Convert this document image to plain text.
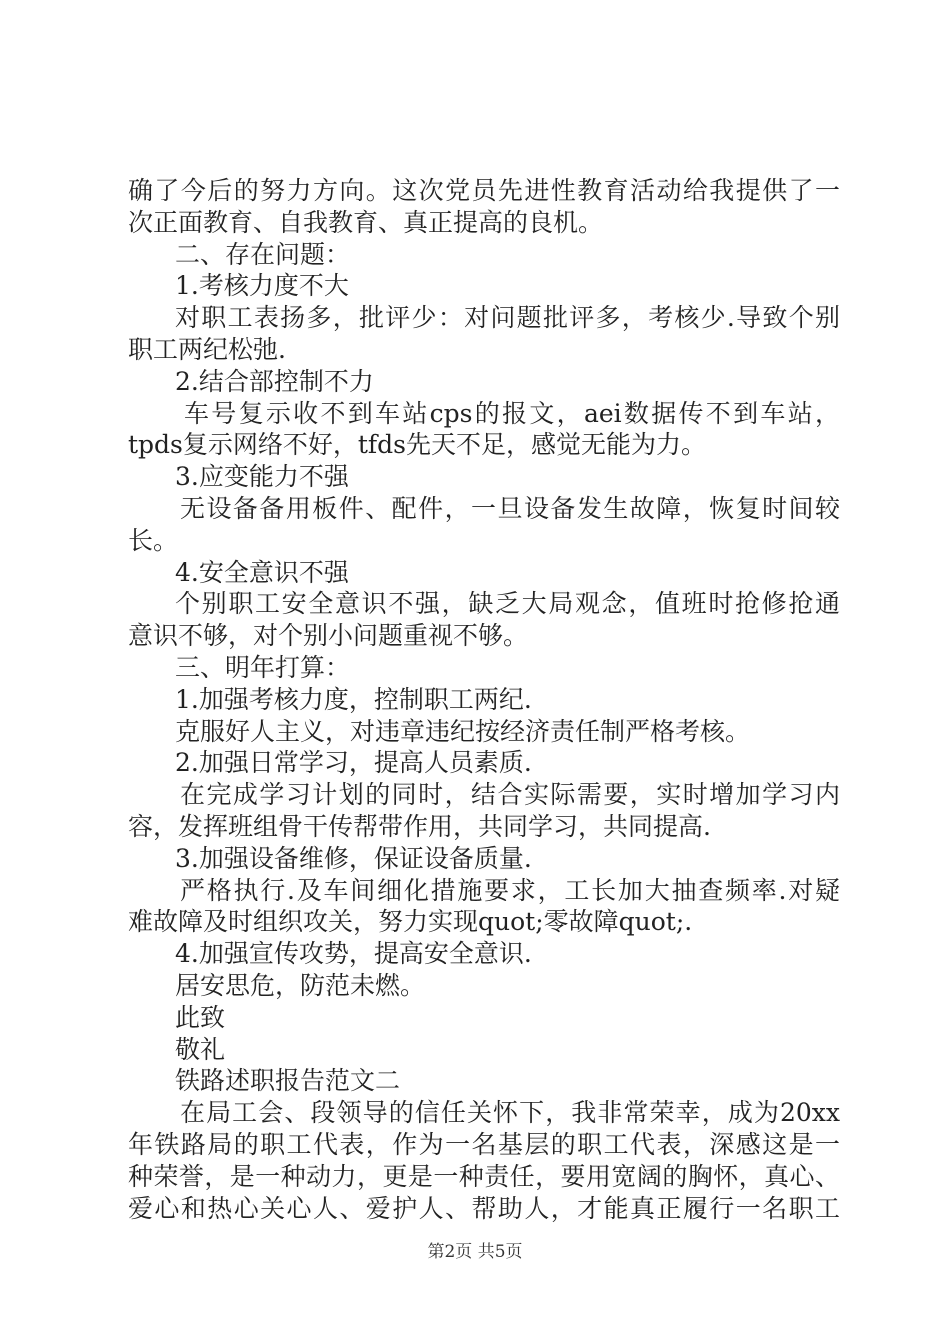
确了今后的努力方向。这次党员先进性教育活动给我提供了一
次正面教育、自我教育、真正提高的良机。
二、存在问题：
1.考核力度不大
对职工表扬多，批评少：对问题批评多，考核少.导致个别
职工两纪松弛.
2.结合部控制不力
车号复示收不到车站cps的报文，aei数据传不到车站，
tpds复示网络不好，tfds先天不足，感觉无能为力。
3.应变能力不强
无设备备用板件、配件，一旦设备发生故障，恢复时间较
长。
4.安全意识不强
个别职工安全意识不强，缺乏大局观念，值班时抢修抢通
意识不够，对个别小问题重视不够。
三、明年打算：
1.加强考核力度，控制职工两纪.
克服好人主义，对违章违纪按经济责任制严格考核。
2.加强日常学习，提高人员素质.
在完成学习计划的同时，结合实际需要，实时增加学习内
容，发挥班组骨干传帮带作用，共同学习，共同提高.
3.加强设备维修，保证设备质量.
严格执行.及车间细化措施要求，工长加大抽查频率.对疑
难故障及时组织攻关，努力实现quot;零故障quot;.
4.加强宣传攻势，提高安全意识.
居安思危，防范未燃。
此致
敬礼
铁路述职报告范文二
在局工会、段领导的信任关怀下，我非常荣幸，成为20xx
年铁路局的职工代表，作为一名基层的职工代表，深感这是一
种荣誉，是一种动力，更是一种责任，要用宽阔的胸怀，真心、
爱心和热心关心人、爱护人、帮助人，才能真正履行一名职工
第2页 共5页
